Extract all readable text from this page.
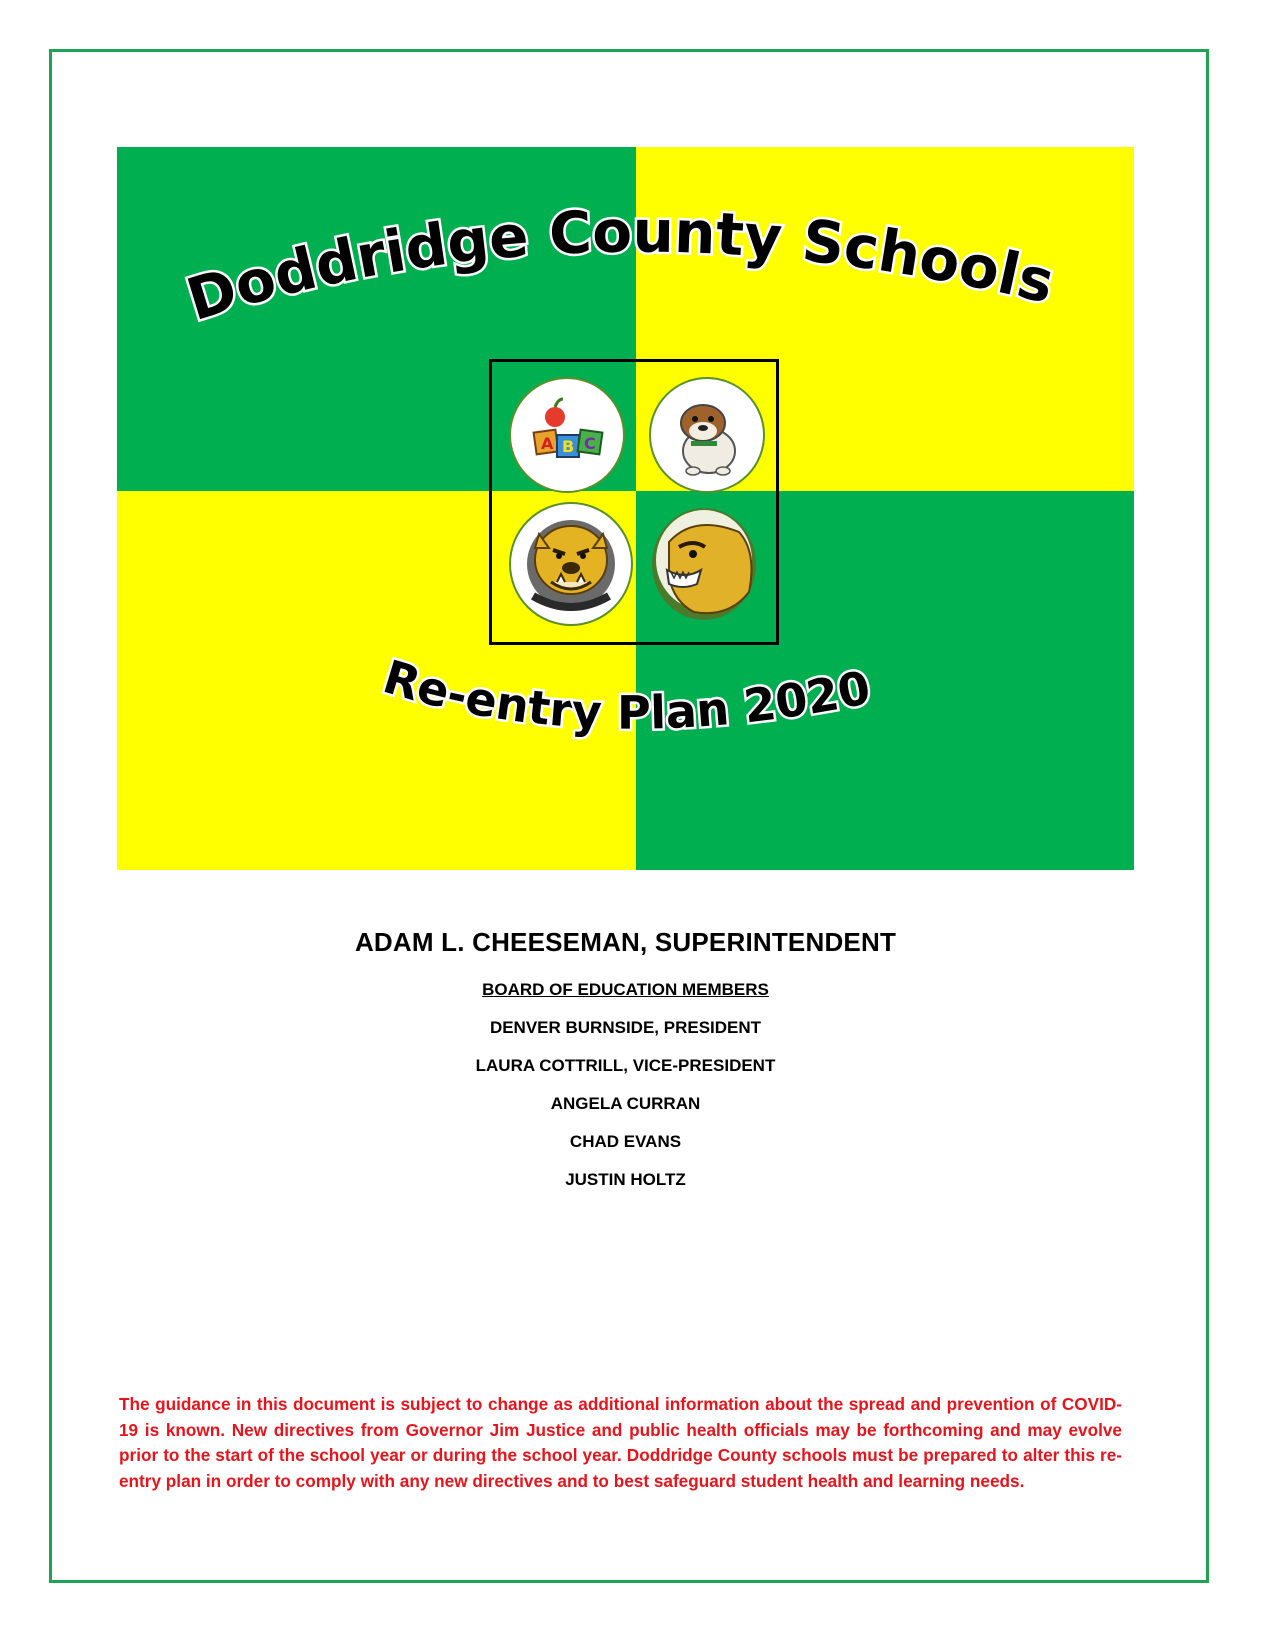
Doddridge County Schools
Re-entry Plan 2020
A B C
ADAM L. CHEESEMAN, SUPERINTENDENT
BOARD OF EDUCATION MEMBERS
DENVER BURNSIDE, PRESIDENT
LAURA COTTRILL, VICE-PRESIDENT
ANGELA CURRAN
CHAD EVANS
JUSTIN HOLTZ
The guidance in this document is subject to change as additional information about the spread and prevention of COVID-19 is known. New directives from Governor Jim Justice and public health officials may be forthcoming and may evolve prior to the start of the school year or during the school year. Doddridge County schools must be prepared to alter this re-entry plan in order to comply with any new directives and to best safeguard student health and learning needs.
